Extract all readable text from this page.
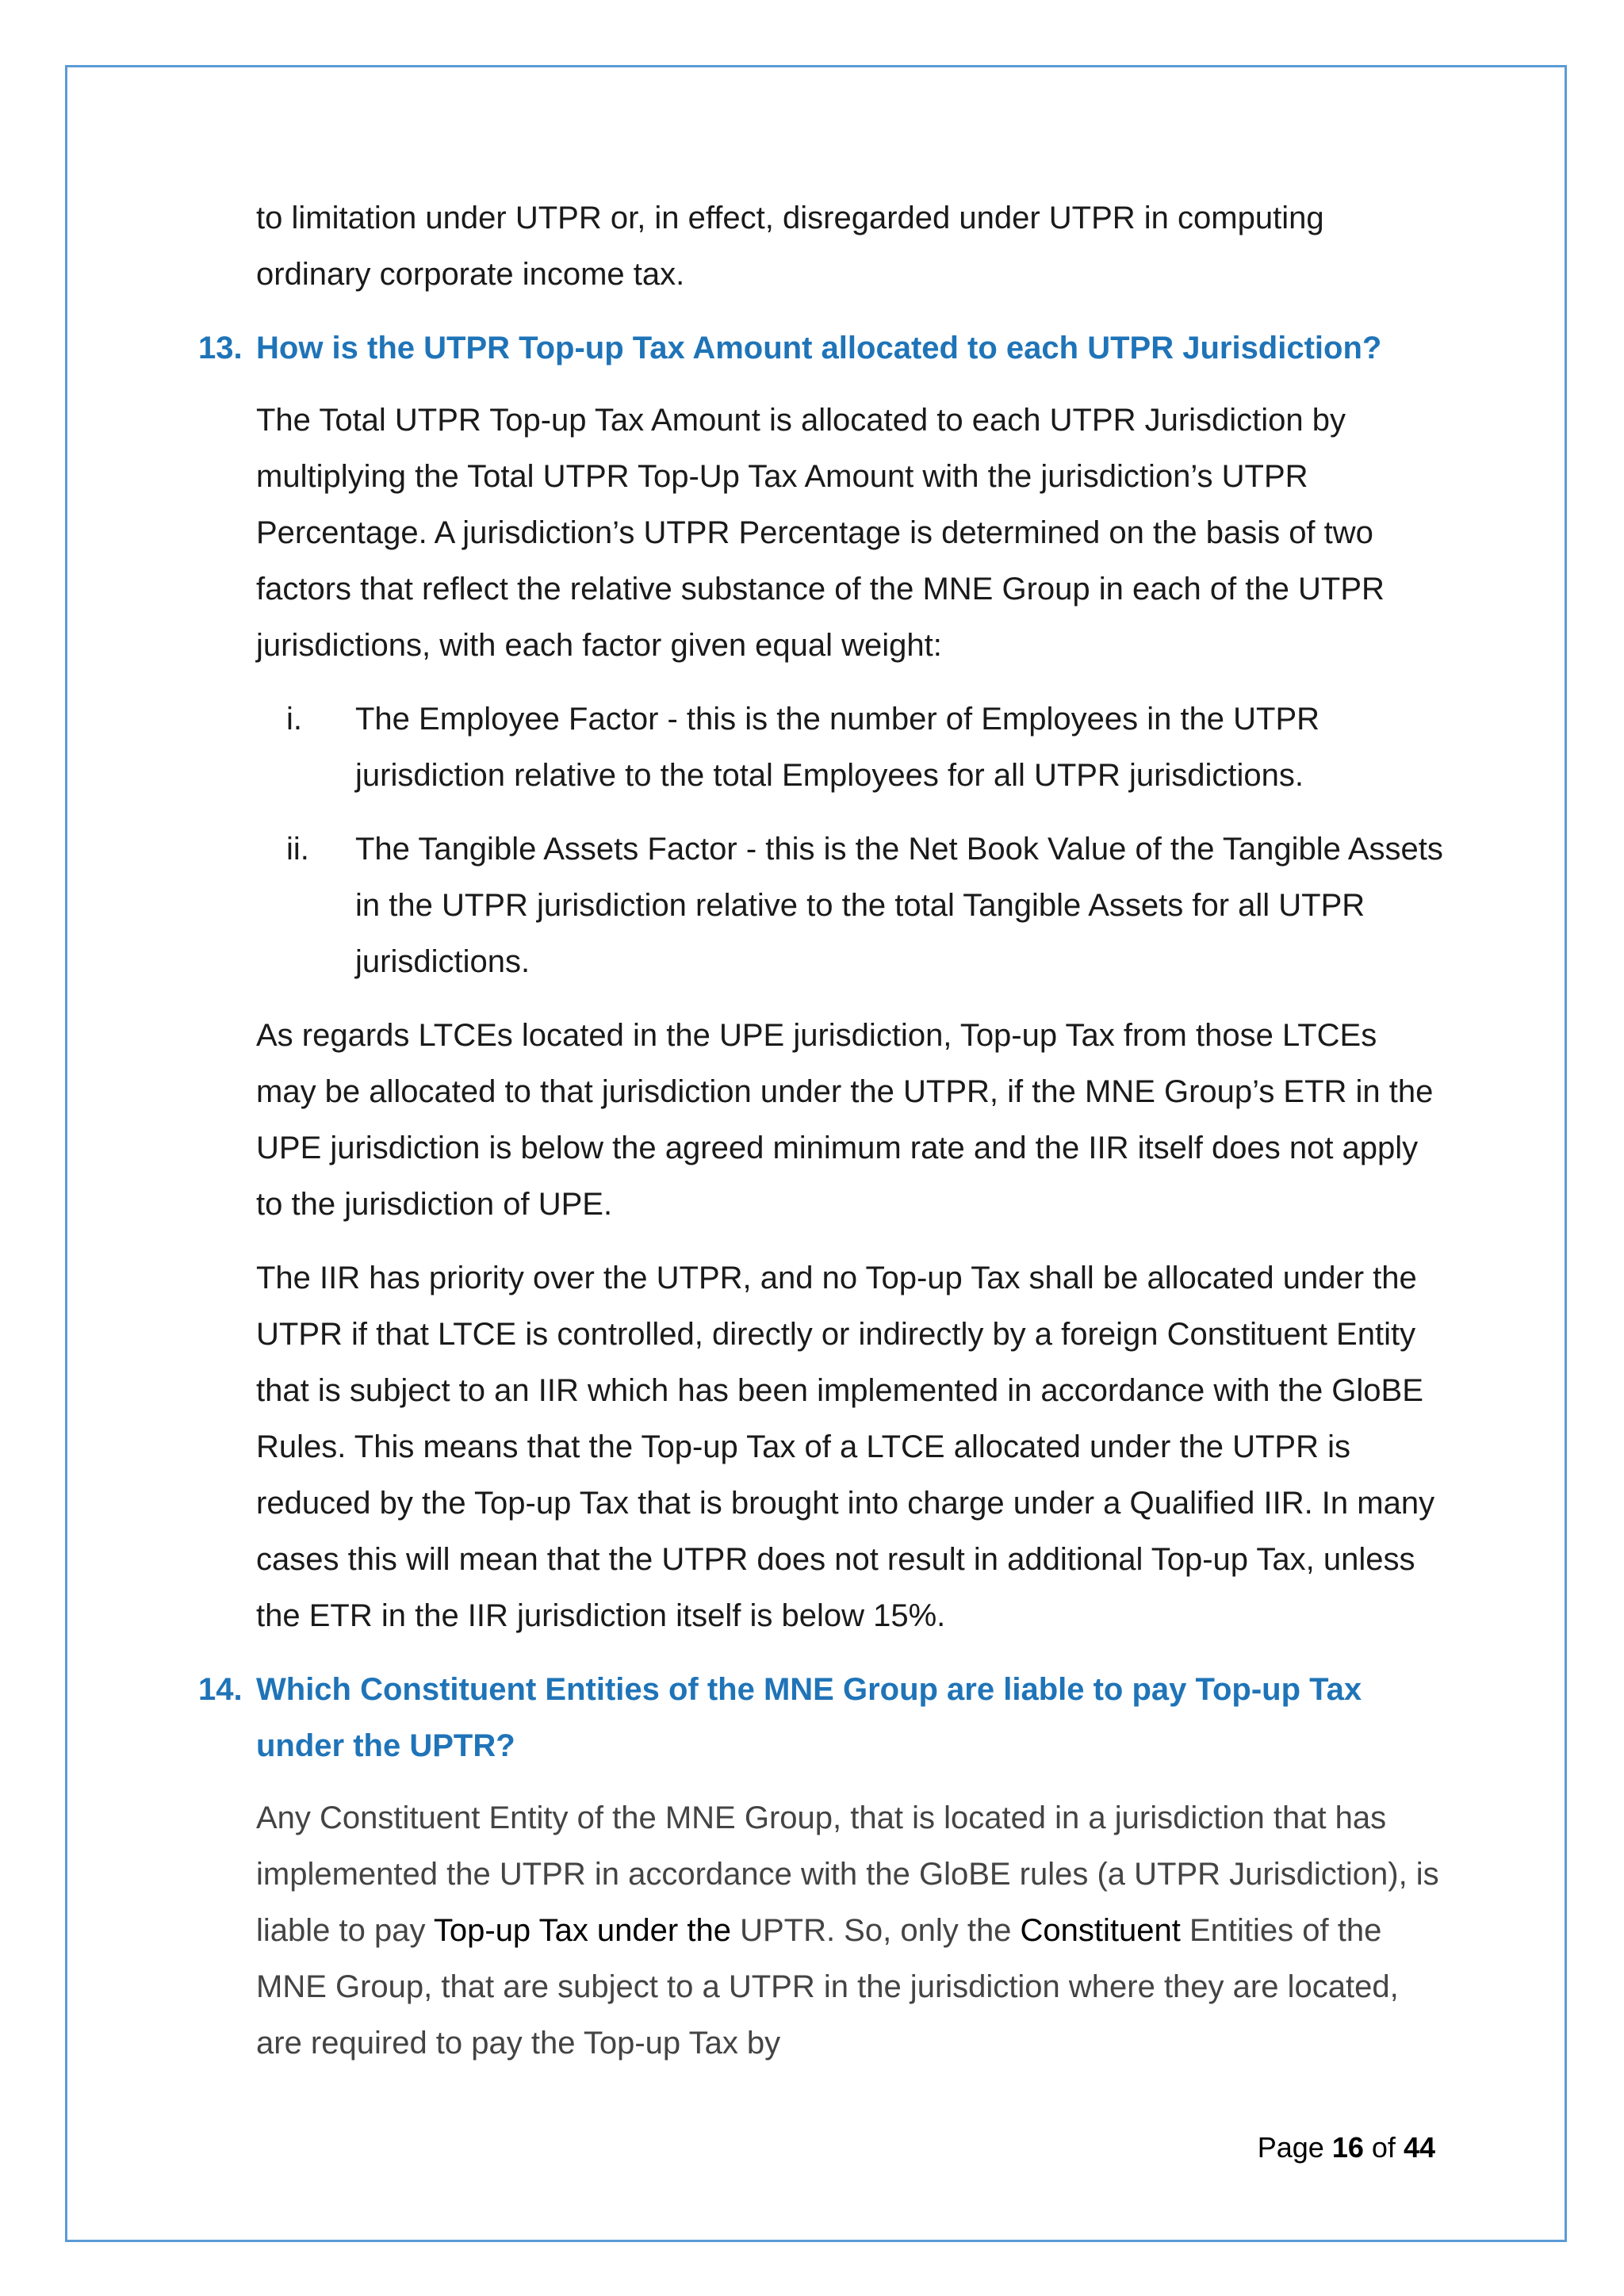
to limitation under UTPR or, in effect, disregarded under UTPR in computing ordinary corporate income tax.

13. How is the UTPR Top-up Tax Amount allocated to each UTPR Jurisdiction?

The Total UTPR Top-up Tax Amount is allocated to each UTPR Jurisdiction by multiplying the Total UTPR Top-Up Tax Amount with the jurisdiction’s UTPR Percentage. A jurisdiction’s UTPR Percentage is determined on the basis of two factors that reflect the relative substance of the MNE Group in each of the UTPR jurisdictions, with each factor given equal weight:

i.	The Employee Factor - this is the number of Employees in the UTPR jurisdiction relative to the total Employees for all UTPR jurisdictions.
ii.	The Tangible Assets Factor - this is the Net Book Value of the Tangible Assets in the UTPR jurisdiction relative to the total Tangible Assets for all UTPR jurisdictions.

As regards LTCEs located in the UPE jurisdiction, Top-up Tax from those LTCEs may be allocated to that jurisdiction under the UTPR, if the MNE Group’s ETR in the UPE jurisdiction is below the agreed minimum rate and the IIR itself does not apply to the jurisdiction of UPE.

The IIR has priority over the UTPR, and no Top-up Tax shall be allocated under the UTPR if that LTCE is controlled, directly or indirectly by a foreign Constituent Entity that is subject to an IIR which has been implemented in accordance with the GloBE Rules. This means that the Top-up Tax of a LTCE allocated under the UTPR is reduced by the Top-up Tax that is brought into charge under a Qualified IIR. In many cases this will mean that the UTPR does not result in additional Top-up Tax, unless the ETR in the IIR jurisdiction itself is below 15%.

14. Which Constituent Entities of the MNE Group are liable to pay Top-up Tax under the UPTR?

Any Constituent Entity of the MNE Group, that is located in a jurisdiction that has implemented the UTPR in accordance with the GloBE rules (a UTPR Jurisdiction), is liable to pay Top-up Tax under the UPTR. So, only the Constituent Entities of the MNE Group, that are subject to a UTPR in the jurisdiction where they are located, are required to pay the Top-up Tax by

Page 16 of 44
